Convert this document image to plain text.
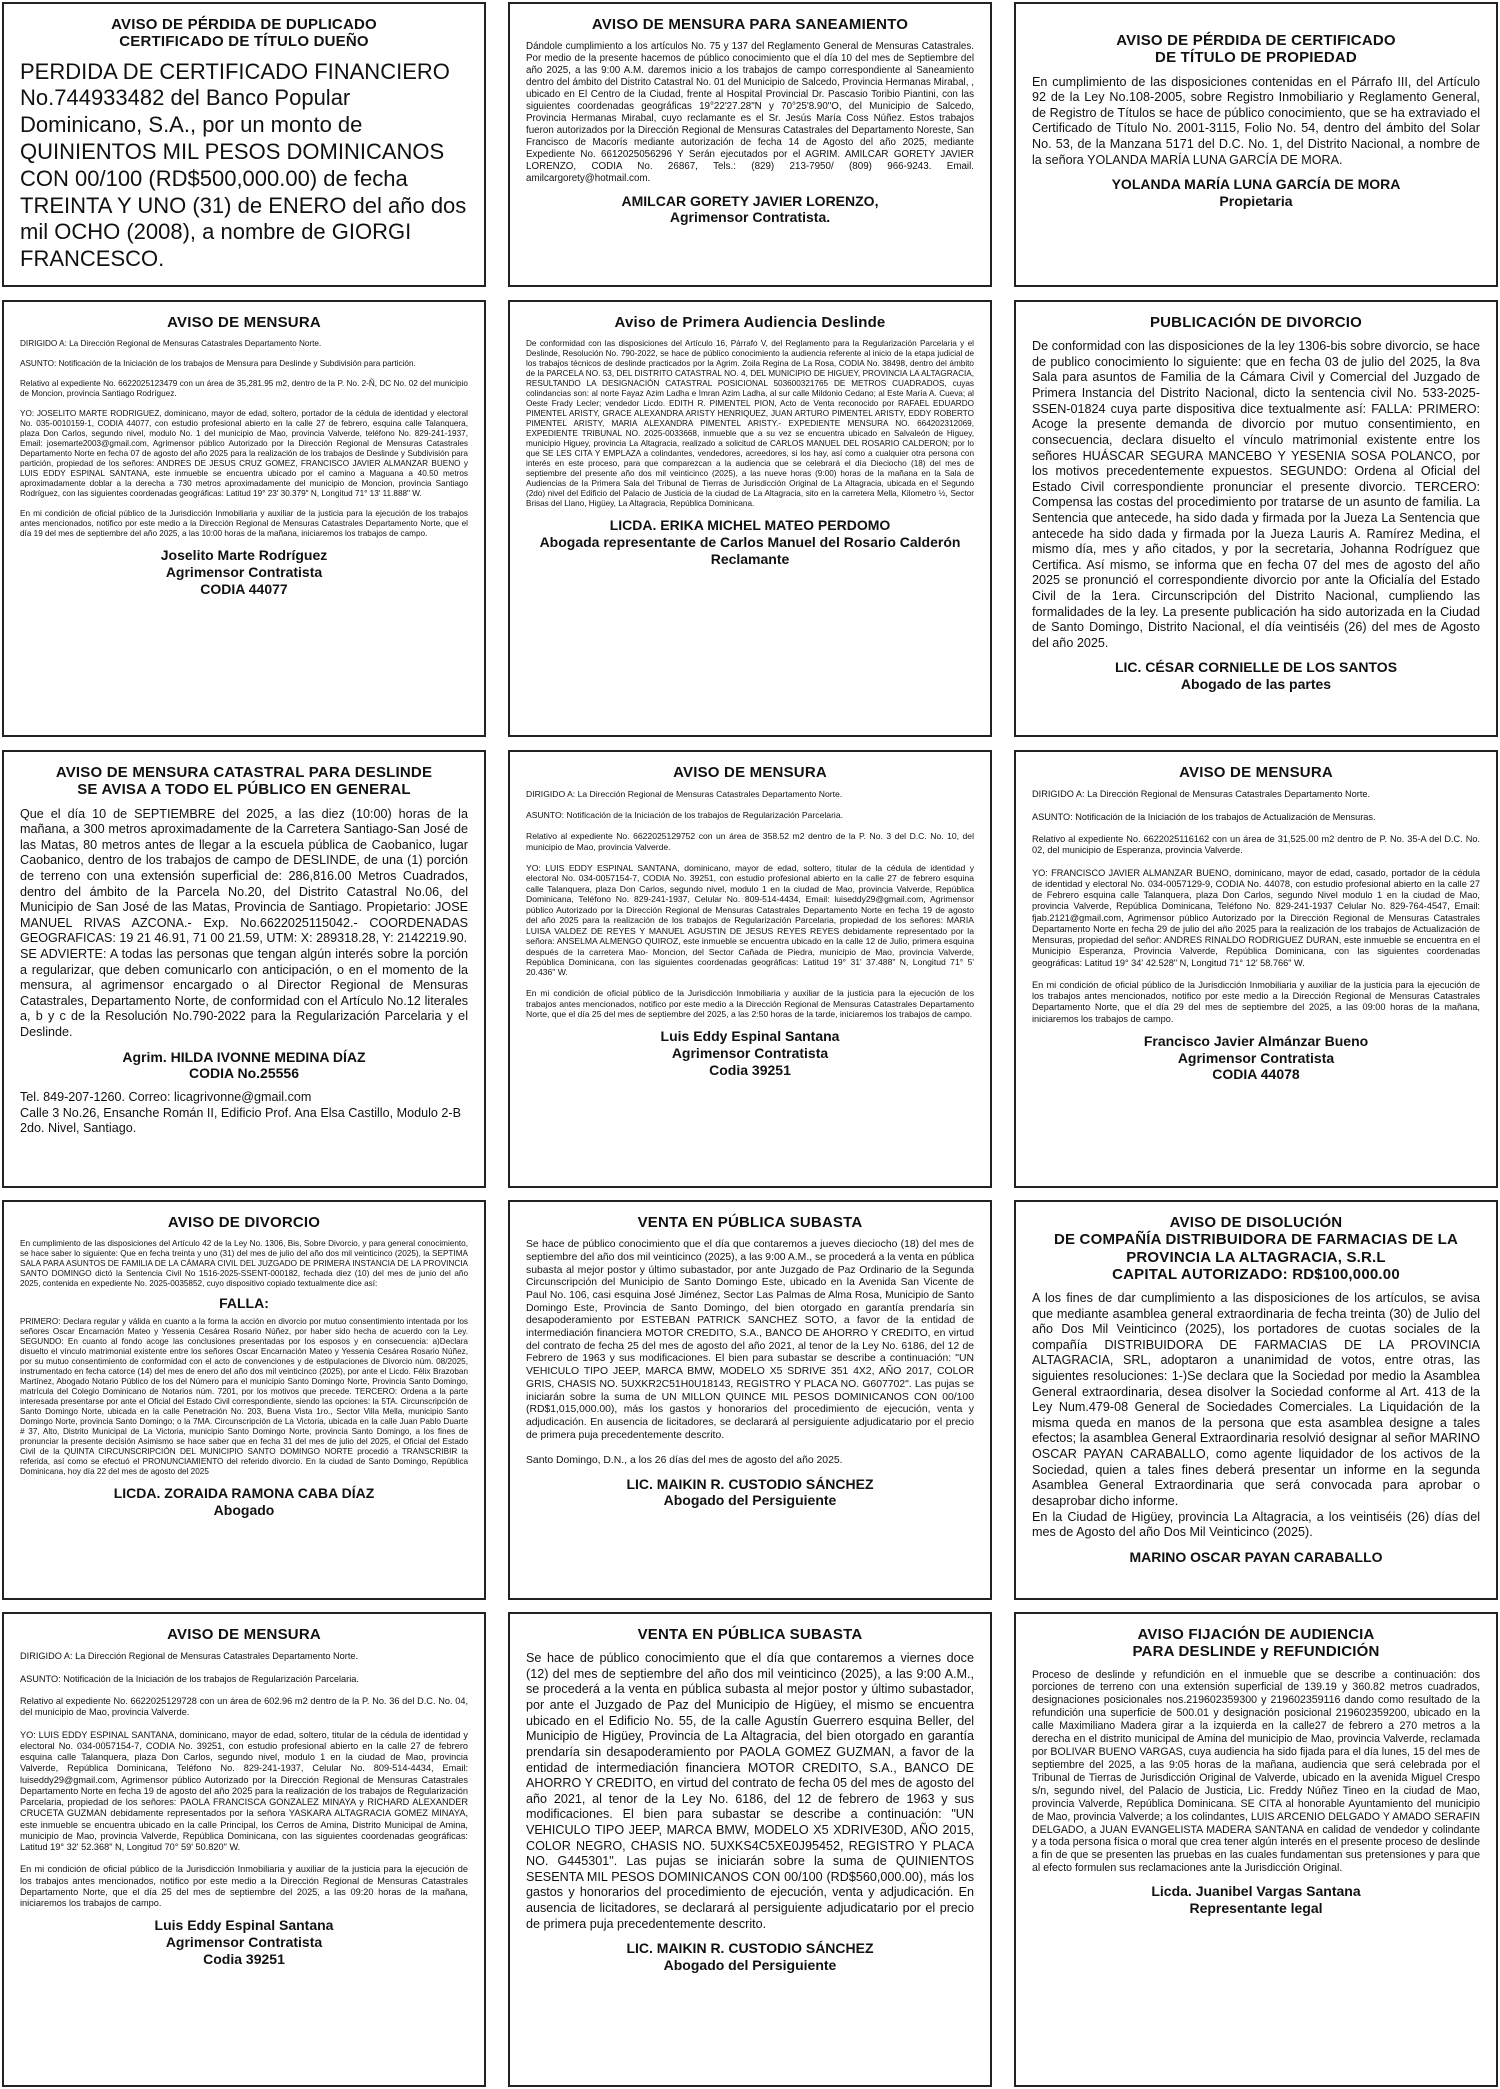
AVISO DE PÉRDIDA DE DUPLICADO
CERTIFICADO DE TÍTULO DUEÑO
PERDIDA DE CERTIFICADO FINANCIERO No.744933482 del Banco Popular Dominicano, S.A., por un monto de QUINIENTOS MIL PESOS DOMINICANOS CON 00/100 (RD$500,000.00) de fecha TREINTA Y UNO (31) de ENERO del año dos mil OCHO (2008), a nombre de GIORGI FRANCESCO.
AVISO DE MENSURA PARA SANEAMIENTO
Dándole cumplimiento a los artículos No. 75 y 137 del Reglamento General de Mensuras Catastrales. Por medio de la presente hacemos de público conocimiento que el día 10 del mes de Septiembre del año 2025, a las 9:00 A.M. daremos inicio a los trabajos de campo correspondiente al Saneamiento dentro del ámbito del Distrito Catastral No. 01 del Municipio de Salcedo, Provincia Hermanas Mirabal, , ubicado en El Centro de la Ciudad, frente al Hospital Provincial Dr. Pascasio Toribio Piantini, con las siguientes coordenadas geográficas 19°22'27.28"N y 70°25'8.90"O, del Municipio de Salcedo, Provincia Hermanas Mirabal, cuyo reclamante es el Sr. Jesús María Coss Núñez. Estos trabajos fueron autorizados por la Dirección Regional de Mensuras Catastrales del Departamento Noreste, San Francisco de Macorís mediante autorización de fecha 14 de Agosto del año 2025, mediante Expediente No. 6612025056296 Y Serán ejecutados por el AGRIM. AMILCAR GORETY JAVIER LORENZO, CODIA No. 26867, Tels.: (829) 213-7950/ (809) 966-9243. Email. amilcargorety@hotmail.com.
AMILCAR GORETY JAVIER LORENZO,
Agrimensor Contratista.
AVISO DE PÉRDIDA DE CERTIFICADO
DE TÍTULO DE PROPIEDAD
En cumplimiento de las disposiciones contenidas en el Párrafo III, del Artículo 92 de la Ley No.108-2005, sobre Registro Inmobiliario y Reglamento General, de Registro de Títulos se hace de público conocimiento, que se ha extraviado el Certificado de Título No. 2001-3115, Folio No. 54, dentro del ámbito del Solar No. 53, de la Manzana 5171 del D.C. No. 1, del Distrito Nacional, a nombre de la señora YOLANDA MARÍA LUNA GARCÍA DE MORA.
YOLANDA MARÍA LUNA GARCÍA DE MORA
Propietaria
AVISO DE MENSURA
DIRIGIDO A: La Dirección Regional de Mensuras Catastrales Departamento Norte.

ASUNTO: Notificación de la Iniciación de los trabajos de Mensura para Deslinde y Subdivisión para partición.

Relativo al expediente No. 6622025123479 con un área de 35,281.95 m2, dentro de la P. No. 2-Ñ, DC No. 02 del municipio de Moncion, provincia Santiago Rodríguez.

YO: JOSELITO MARTE RODRIGUEZ, dominicano, mayor de edad, soltero, portador de la cédula de identidad y electoral No. 035-0010159-1, CODIA 44077, con estudio profesional abierto en la calle 27 de febrero, esquina calle Talanquera, plaza Don Carlos, segundo nivel, modulo No. 1 del municipio de Mao, provincia Valverde, teléfono No. 829-241-1937, Email: josemarte2003@gmail.com, Agrimensor público Autorizado por la Dirección Regional de Mensuras Catastrales Departamento Norte en fecha 07 de agosto del año 2025 para la realización de los trabajos de Deslinde y Subdivisión para partición, propiedad de los señores: ANDRES DE JESUS CRUZ GOMEZ, FRANCISCO JAVIER ALMANZAR BUENO y LUIS EDDY ESPINAL SANTANA, este inmueble se encuentra ubicado por el camino a Maguana a 40.50 metros aproximadamente doblar a la derecha a 730 metros aproximadamente del municipio de Moncion, provincia Santiago Rodríguez, con las siguientes coordenadas geográficas: Latitud 19° 23' 30.379" N, Longitud 71° 13' 11.888" W.

En mi condición de oficial público de la Jurisdicción Inmobiliaria y auxiliar de la justicia para la ejecución de los trabajos antes mencionados, notifico por este medio a la Dirección Regional de Mensuras Catastrales Departamento Norte, que el día 19 del mes de septiembre del año 2025, a las 10:00 horas de la mañana, iniciaremos los trabajos de campo.
Joselito Marte Rodríguez
Agrimensor Contratista
CODIA 44077
Aviso de Primera Audiencia Deslinde
De conformidad con las disposiciones del Artículo 16, Párrafo V, del Reglamento para la Regularización Parcelaria y el Deslinde, Resolución No. 790-2022, se hace de público conocimiento la audiencia referente al inicio de la etapa judicial de los trabajos técnicos de deslinde practicados por la Agrim. Zoila Regina de La Rosa, CODIA No. 38498, dentro del ámbito de la PARCELA NO. 53, DEL DISTRITO CATASTRAL NO. 4, DEL MUNICIPIO DE HIGUEY, PROVINCIA LA ALTAGRACIA, RESULTANDO LA DESIGNACIÓN CATASTRAL POSICIONAL 503600321765 DE METROS CUADRADOS, cuyas colindancias son: al norte Fayaz Azim Ladha e Imran Azim Ladha, al sur calle Mildonio Cedano; al Este María A. Cueva; al Oeste Frady Lecler; vendedor Licdo. EDITH R. PIMENTEL PION, Acto de Venta reconocido por RAFAEL EDUARDO PIMENTEL ARISTY, GRACE ALEXANDRA ARISTY HENRIQUEZ, JUAN ARTURO PIMENTEL ARISTY, EDDY ROBERTO PIMENTEL ARISTY, MARIA ALEXANDRA PIMENTEL ARISTY.- EXPEDIENTE MENSURA NO. 664202312069, EXPEDIENTE TRIBUNAL NO. 2025-0033668, inmueble que a su vez se encuentra ubicado en Salvaleón de Higuey, municipio Higuey, provincia La Altagracia, realizado a solicitud de CARLOS MANUEL DEL ROSARIO CALDERON; por lo que SE LES CITA Y EMPLAZA a colindantes, vendedores, acreedores, si los hay, así como a cualquier otra persona con interés en este proceso, para que comparezcan a la audiencia que se celebrará el día Dieciocho (18) del mes de septiembre del presente año dos mil veinticinco (2025), a las nueve horas (9:00) horas de la mañana en la Sala de Audiencias de la Primera Sala del Tribunal de Tierras de Jurisdicción Original de La Altagracia, ubicada en el Segundo (2do) nivel del Edificio del Palacio de Justicia de la ciudad de La Altagracia, sito en la carretera Mella, Kilometro ½, Sector Brisas del Llano, Higüey, La Altagracia, República Dominicana.
LICDA. ERIKA MICHEL MATEO PERDOMO
Abogada representante de Carlos Manuel del Rosario Calderón
Reclamante
PUBLICACIÓN DE DIVORCIO
De conformidad con las disposiciones de la ley 1306-bis sobre divorcio, se hace de publico conocimiento lo siguiente: que en fecha 03 de julio del 2025, la 8va Sala para asuntos de Familia de la Cámara Civil y Comercial del Juzgado de Primera Instancia del Distrito Nacional, dicto la sentencia civil No. 533-2025-SSEN-01824 cuya parte dispositiva dice textualmente así: FALLA: PRIMERO: Acoge la presente demanda de divorcio por mutuo consentimiento, en consecuencia, declara disuelto el vínculo matrimonial existente entre los señores HUÁSCAR SEGURA MANCEBO Y YESENIA SOSA POLANCO, por los motivos precedentemente expuestos. SEGUNDO: Ordena al Oficial del Estado Civil correspondiente pronunciar el presente divorcio. TERCERO: Compensa las costas del procedimiento por tratarse de un asunto de familia. La Sentencia que antecede, ha sido dada y firmada por la Jueza La Sentencia que antecede ha sido dada y firmada por la Jueza Lauris A. Ramírez Medina, el mismo día, mes y año citados, y por la secretaria, Johanna Rodríguez que Certifica. Así mismo, se informa que en fecha 07 del mes de agosto del año 2025 se pronunció el correspondiente divorcio por ante la Oficialía del Estado Civil de la 1era. Circunscripción del Distrito Nacional, cumpliendo las formalidades de la ley. La presente publicación ha sido autorizada en la Ciudad de Santo Domingo, Distrito Nacional, el día veintiséis (26) del mes de Agosto del año 2025.
LIC. CÉSAR CORNIELLE DE LOS SANTOS
Abogado de las partes
AVISO DE MENSURA CATASTRAL PARA DESLINDE
SE AVISA A TODO EL PÚBLICO EN GENERAL
Que el día 10 de SEPTIEMBRE del 2025, a las diez (10:00) horas de la mañana, a 300 metros aproximadamente de la Carretera Santiago-San José de las Matas, 80 metros antes de llegar a la escuela pública de Caobanico, lugar Caobanico, dentro de los trabajos de campo de DESLINDE, de una (1) porción de terreno con una extensión superficial de: 286,816.00 Metros Cuadrados, dentro del ámbito de la Parcela No.20, del Distrito Catastral No.06, del Municipio de San José de las Matas, Provincia de Santiago. Propietario: JOSE MANUEL RIVAS AZCONA.- Exp. No.6622025115042.- COORDENADAS GEOGRAFICAS: 19 21 46.91, 71 00 21.59, UTM: X: 289318.28, Y: 2142219.90.
SE ADVIERTE: A todas las personas que tengan algún interés sobre la porción a regularizar, que deben comunicarlo con anticipación, o en el momento de la mensura, al agrimensor encargado o al Director Regional de Mensuras Catastrales, Departamento Norte, de conformidad con el Artículo No.12 literales a, b y c de la Resolución No.790-2022 para la Regularización Parcelaria y el Deslinde.
Agrim. HILDA IVONNE MEDINA DÍAZ
CODIA No.25556
Tel. 849-207-1260. Correo: licagrivonne@gmail.com
Calle 3 No.26, Ensanche Román II, Edificio Prof. Ana Elsa Castillo, Modulo 2-B 2do. Nivel, Santiago.
AVISO DE MENSURA
DIRIGIDO A: La Dirección Regional de Mensuras Catastrales Departamento Norte.

ASUNTO: Notificación de la Iniciación de los trabajos de Regularización Parcelaria.

Relativo al expediente No. 6622025129752 con un área de 358.52 m2 dentro de la P. No. 3 del D.C. No. 10, del municipio de Mao, provincia Valverde.

YO: LUIS EDDY ESPINAL SANTANA, dominicano, mayor de edad, soltero, titular de la cédula de identidad y electoral No. 034-0057154-7, CODIA No. 39251, con estudio profesional abierto en la calle 27 de febrero esquina calle Talanquera, plaza Don Carlos, segundo nivel, modulo 1 en la ciudad de Mao, provincia Valverde, República Dominicana, Teléfono No. 829-241-1937, Celular No. 809-514-4434, Email: luiseddy29@gmail.com, Agrimensor público Autorizado por la Dirección Regional de Mensuras Catastrales Departamento Norte en fecha 19 de agosto del año 2025 para la realización de los trabajos de Regularización Parcelaria, propiedad de los señores: MARIA LUISA VALDEZ DE REYES Y MANUEL AGUSTIN DE JESUS REYES REYES debidamente representado por la señora: ANSELMA ALMENGO QUIROZ, este inmueble se encuentra ubicado en la calle 12 de Julio, primera esquina después de la carretera Mao- Moncion, del Sector Cañada de Piedra, municipio de Mao, provincia Valverde, República Dominicana, con las siguientes coordenadas geográficas: Latitud 19° 31' 37.488" N, Longitud 71° 5' 20.436" W.

En mi condición de oficial público de la Jurisdicción Inmobiliaria y auxiliar de la justicia para la ejecución de los trabajos antes mencionados, notifico por este medio a la Dirección Regional de Mensuras Catastrales Departamento Norte, que el día 25 del mes de septiembre del 2025, a las 2:50 horas de la tarde, iniciaremos los trabajos de campo.
Luis Eddy Espinal Santana
Agrimensor Contratista
Codia 39251
AVISO DE MENSURA
DIRIGIDO A: La Dirección Regional de Mensuras Catastrales Departamento Norte.

ASUNTO: Notificación de la Iniciación de los trabajos de Actualización de Mensuras.

Relativo al expediente No. 6622025116162 con un área de 31,525.00 m2 dentro de P. No. 35-A del D.C. No. 02, del municipio de Esperanza, provincia Valverde.

YO: FRANCISCO JAVIER ALMANZAR BUENO, dominicano, mayor de edad, casado, portador de la cédula de identidad y electoral No. 034-0057129-9, CODIA No. 44078, con estudio profesional abierto en la calle 27 de Febrero esquina calle Talanquera, plaza Don Carlos, segundo Nivel modulo 1 en la ciudad de Mao, provincia Valverde, República Dominicana, Teléfono No. 829-241-1937 Celular No. 829-764-4547, Email: fjab.2121@gmail.com, Agrimensor público Autorizado por la Dirección Regional de Mensuras Catastrales Departamento Norte en fecha 29 de julio del año 2025 para la realización de los trabajos de Actualización de Mensuras, propiedad del señor: ANDRES RINALDO RODRIGUEZ DURAN, este inmueble se encuentra en el Municipio Esperanza, Provincia Valverde, República Dominicana, con las siguientes coordenadas geográficas: Latitud 19° 34' 42.528" N, Longitud 71° 12' 58.766" W.

En mi condición de oficial público de la Jurisdicción Inmobiliaria y auxiliar de la justicia para la ejecución de los trabajos antes mencionados, notifico por este medio a la Dirección Regional de Mensuras Catastrales Departamento Norte, que el día 29 del mes de septiembre del 2025, a las 09:00 horas de la mañana, iniciaremos los trabajos de campo.
Francisco Javier Almánzar Bueno
Agrimensor Contratista
CODIA 44078
AVISO DE DIVORCIO
En cumplimiento de las disposiciones del Artículo 42 de la Ley No. 1306, Bis, Sobre Divorcio, y para general conocimiento, se hace saber lo siguiente: Que en fecha treinta y uno (31) del mes de julio del año dos mil veinticinco (2025), la SEPTIMA SALA PARA ASUNTOS DE FAMILIA DE LA CÁMARA CIVIL DEL JUZGADO DE PRIMERA INSTANCIA DE LA PROVINCIA SANTO DOMINGO dictó la Sentencia Civil No 1516-2025-SSENT-000182, fechada diez (10) del mes de junio del año 2025, contenida en expediente No. 2025-0035852, cuyo dispositivo copiado textualmente dice así:
FALLA:
PRIMERO: Declara regular y válida en cuanto a la forma la acción en divorcio por mutuo consentimiento intentada por los señores Oscar Encarnación Mateo y Yessenia Cesárea Rosario Núñez, por haber sido hecha de acuerdo con la Ley. SEGUNDO: En cuanto al fondo acoge las conclusiones presentadas por los esposos y en consecuencia: a)Declara disuelto el vínculo matrimonial existente entre los señores Oscar Encarnación Mateo y Yessenia Cesárea Rosario Núñez, por su mutuo consentimiento de conformidad con el acto de convenciones y de estipulaciones de Divorcio núm. 08/2025, instrumentado en fecha catorce (14) del mes de enero del año dos mil veinticinco (2025), por ante el Licdo. Félix Brazoban Martínez, Abogado Notario Público de los del Número para el municipio Santo Domingo Norte, Provincia Santo Domingo, matrícula del Colegio Dominicano de Notarios núm. 7201, por los motivos que precede. TERCERO: Ordena a la parte interesada presentarse por ante el Oficial del Estado Civil correspondiente, siendo las opciones: la 5TA. Circunscripción de Santo Domingo Norte, ubicada en la calle Penetración No. 203, Buena Vista 1ro., Sector Villa Mella, municipio Santo Domingo Norte, provincia Santo Domingo; o la 7MA. Circunscripción de La Victoria, ubicada en la calle Juan Pablo Duarte # 37, Alto, Distrito Municipal de La Victoria, municipio Santo Domingo Norte, provincia Santo Domingo, a los fines de pronunciar la presente decisión Asimismo se hace saber que en fecha 31 del mes de julio del 2025, el Oficial del Estado Civil de la QUINTA CIRCUNSCRIPCIÓN DEL MUNICIPIO SANTO DOMINGO NORTE procedió a TRANSCRIBIR la referida, así como se efectuó el PRONUNCIAMIENTO del referido divorcio. En la ciudad de Santo Domingo, República Dominicana, hoy día 22 del mes de agosto del 2025
LICDA. ZORAIDA RAMONA CABA DÍAZ
Abogado
VENTA EN PÚBLICA SUBASTA
Se hace de público conocimiento que el día que contaremos a jueves dieciocho (18) del mes de septiembre del año dos mil veinticinco (2025), a las 9:00 A.M., se procederá a la venta en pública subasta al mejor postor y último subastador, por ante Juzgado de Paz Ordinario de la Segunda Circunscripción del Municipio de Santo Domingo Este, ubicado en la Avenida San Vicente de Paul No. 106, casi esquina José Jiménez, Sector Las Palmas de Alma Rosa, Municipio de Santo Domingo Este, Provincia de Santo Domingo, del bien otorgado en garantía prendaría sin desapoderamiento por ESTEBAN PATRICK SANCHEZ SOTO, a favor de la entidad de intermediación financiera MOTOR CREDITO, S.A., BANCO DE AHORRO Y CREDITO, en virtud del contrato de fecha 25 del mes de agosto del año 2021, al tenor de la Ley No. 6186, del 12 de Febrero de 1963 y sus modificaciones. El bien para subastar se describe a continuación: "UN VEHICULO TIPO JEEP, MARCA BMW, MODELO X5 SDRIVE 351 4X2, AÑO 2017, COLOR GRIS, CHASIS NO. 5UXKR2C51H0U18143, REGISTRO Y PLACA NO. G607702". Las pujas se iniciarán sobre la suma de UN MILLON QUINCE MIL PESOS DOMINICANOS CON 00/100 (RD$1,015,000.00), más los gastos y honorarios del procedimiento de ejecución, venta y adjudicación. En ausencia de licitadores, se declarará al persiguiente adjudicatario por el precio de primera puja precedentemente descrito.

Santo Domingo, D.N., a los 26 días del mes de agosto del año 2025.
LIC. MAIKIN R. CUSTODIO SÁNCHEZ
Abogado del Persiguiente
AVISO DE DISOLUCIÓN
DE COMPAÑÍA DISTRIBUIDORA DE FARMACIAS DE LA
PROVINCIA LA ALTAGRACIA, S.R.L
CAPITAL AUTORIZADO: RD$100,000.00
A los fines de dar cumplimiento a las disposiciones de los artículos, se avisa que mediante asamblea general extraordinaria de fecha treinta (30) de Julio del año Dos Mil Veinticinco (2025), los portadores de cuotas sociales de la compañía DISTRIBUIDORA DE FARMACIAS DE LA PROVINCIA ALTAGRACIA, SRL, adoptaron a unanimidad de votos, entre otras, las siguientes resoluciones: 1-)Se declara que la Sociedad por medio la Asamblea General extraordinaria, desea disolver la Sociedad conforme al Art. 413 de la Ley Num.479-08 General de Sociedades Comerciales. La Liquidación de la misma queda en manos de la persona que esta asamblea designe a tales efectos; la asamblea General Extraordinaria resolvió designar al señor MARINO OSCAR PAYAN CARABALLO, como agente liquidador de los activos de la Sociedad, quien a tales fines deberá presentar un informe en la segunda Asamblea General Extraordinaria que será convocada para aprobar o desaprobar dicho informe.
En la Ciudad de Higüey, provincia La Altagracia, a los veintiséis (26) días del mes de Agosto del año Dos Mil Veinticinco (2025).
MARINO OSCAR PAYAN CARABALLO
AVISO DE MENSURA
DIRIGIDO A: La Dirección Regional de Mensuras Catastrales Departamento Norte.

ASUNTO: Notificación de la Iniciación de los trabajos de Regularización Parcelaria.

Relativo al expediente No. 6622025129728 con un área de 602.96 m2 dentro de la P. No. 36 del D.C. No. 04, del municipio de Mao, provincia Valverde.

YO: LUIS EDDY ESPINAL SANTANA, dominicano, mayor de edad, soltero, titular de la cédula de identidad y electoral No. 034-0057154-7, CODIA No. 39251, con estudio profesional abierto en la calle 27 de febrero esquina calle Talanquera, plaza Don Carlos, segundo nivel, modulo 1 en la ciudad de Mao, provincia Valverde, República Dominicana, Teléfono No. 829-241-1937, Celular No. 809-514-4434, Email: luiseddy29@gmail.com, Agrimensor público Autorizado por la Dirección Regional de Mensuras Catastrales Departamento Norte en fecha 19 de agosto del año 2025 para la realización de los trabajos de Regularización Parcelaria, propiedad de los señores: PAOLA FRANCISCA GONZALEZ MINAYA y RICHARD ALEXANDER CRUCETA GUZMAN debidamente representados por la señora YASKARA ALTAGRACIA GOMEZ MINAYA, este inmueble se encuentra ubicado en la calle Principal, los Cerros de Amina, Distrito Municipal de Amina, municipio de Mao, provincia Valverde, República Dominicana, con las siguientes coordenadas geográficas: Latitud 19° 32' 52.368" N, Longitud 70° 59' 50.820" W.

En mi condición de oficial público de la Jurisdicción Inmobiliaria y auxiliar de la justicia para la ejecución de los trabajos antes mencionados, notifico por este medio a la Dirección Regional de Mensuras Catastrales Departamento Norte, que el día 25 del mes de septiembre del 2025, a las 09:20 horas de la mañana, iniciaremos los trabajos de campo.
Luis Eddy Espinal Santana
Agrimensor Contratista
Codia 39251
VENTA EN PÚBLICA SUBASTA
Se hace de público conocimiento que el día que contaremos a viernes doce (12) del mes de septiembre del año dos mil veinticinco (2025), a las 9:00 A.M., se procederá a la venta en pública subasta al mejor postor y último subastador, por ante el Juzgado de Paz del Municipio de Higüey, el mismo se encuentra ubicado en el Edificio No. 55, de la calle Agustín Guerrero esquina Beller, del Municipio de Higüey, Provincia de La Altagracia, del bien otorgado en garantía prendaría sin desapoderamiento por PAOLA GOMEZ GUZMAN, a favor de la entidad de intermediación financiera MOTOR CREDITO, S.A., BANCO DE AHORRO Y CREDITO, en virtud del contrato de fecha 05 del mes de agosto del año 2021, al tenor de la Ley No. 6186, del 12 de febrero de 1963 y sus modificaciones. El bien para subastar se describe a continuación: "UN VEHICULO TIPO JEEP, MARCA BMW, MODELO X5 XDRIVE30D, AÑO 2015, COLOR NEGRO, CHASIS NO. 5UXKS4C5XE0J95452, REGISTRO Y PLACA NO. G445301". Las pujas se iniciarán sobre la suma de QUINIENTOS SESENTA MIL PESOS DOMINICANOS CON 00/100 (RD$560,000.00), más los gastos y honorarios del procedimiento de ejecución, venta y adjudicación. En ausencia de licitadores, se declarará al persiguiente adjudicatario por el precio de primera puja precedentemente descrito.
LIC. MAIKIN R. CUSTODIO SÁNCHEZ
Abogado del Persiguiente
AVISO FIJACIÓN DE AUDIENCIA
PARA DESLINDE y REFUNDICIÓN
Proceso de deslinde y refundición en el inmueble que se describe a continuación: dos porciones de terreno con una extensión superficial de 139.19 y 360.82 metros cuadrados, designaciones posicionales nos.219602359300 y 219602359116 dando como resultado de la refundición una superficie de 500.01 y designación posicional 219602359200, ubicado en la calle Maximiliano Madera girar a la izquierda en la calle27 de febrero a 270 metros a la derecha en el distrito municipal de Amina del municipio de Mao, provincia Valverde, reclamada por BOLIVAR BUENO VARGAS, cuya audiencia ha sido fijada para el día lunes, 15 del mes de septiembre del 2025, a las 9:05 horas de la mañana, audiencia que será celebrada por el Tribunal de Tierras de Jurisdicción Original de Valverde, ubicado en la avenida Miguel Crespo s/n, segundo nivel, del Palacio de Justicia, Lic. Freddy Núñez Tineo en la ciudad de Mao, provincia Valverde, República Dominicana. SE CITA al honorable Ayuntamiento del municipio de Mao, provincia Valverde; a los colindantes, LUIS ARCENIO DELGADO Y AMADO SERAFIN DELGADO, a JUAN EVANGELISTA MADERA SANTANA en calidad de vendedor y colindante y a toda persona física o moral que crea tener algún interés en el presente proceso de deslinde a fin de que se presenten las pruebas en las cuales fundamentan sus pretensiones y para que al efecto formulen sus reclamaciones ante la Jurisdicción Original.
Licda. Juanibel Vargas Santana
Representante legal
